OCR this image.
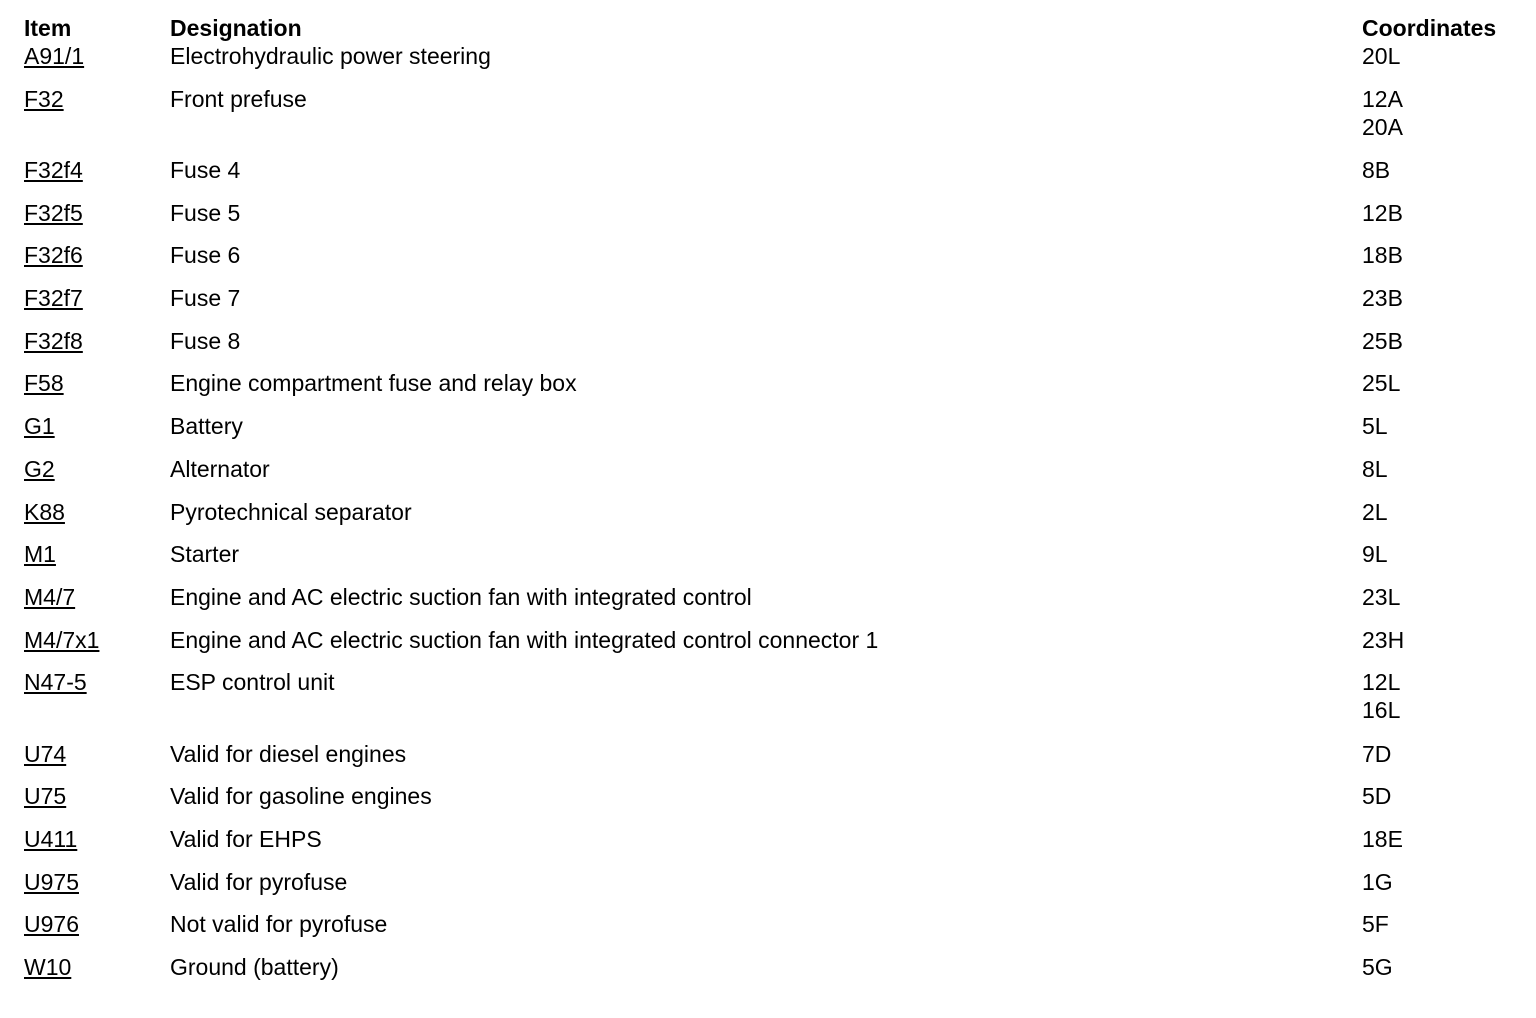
Item	Designation	Coordinates
A91/1	Electrohydraulic power steering	20L
F32	Front prefuse	12A
20A
F32f4	Fuse 4	8B
F32f5	Fuse 5	12B
F32f6	Fuse 6	18B
F32f7	Fuse 7	23B
F32f8	Fuse 8	25B
F58	Engine compartment fuse and relay box	25L
G1	Battery	5L
G2	Alternator	8L
K88	Pyrotechnical separator	2L
M1	Starter	9L
M4/7	Engine and AC electric suction fan with integrated control	23L
M4/7x1	Engine and AC electric suction fan with integrated control connector 1	23H
N47-5	ESP control unit	12L
16L
U74	Valid for diesel engines	7D
U75	Valid for gasoline engines	5D
U411	Valid for EHPS	18E
U975	Valid for pyrofuse	1G
U976	Not valid for pyrofuse	5F
W10	Ground (battery)	5G
